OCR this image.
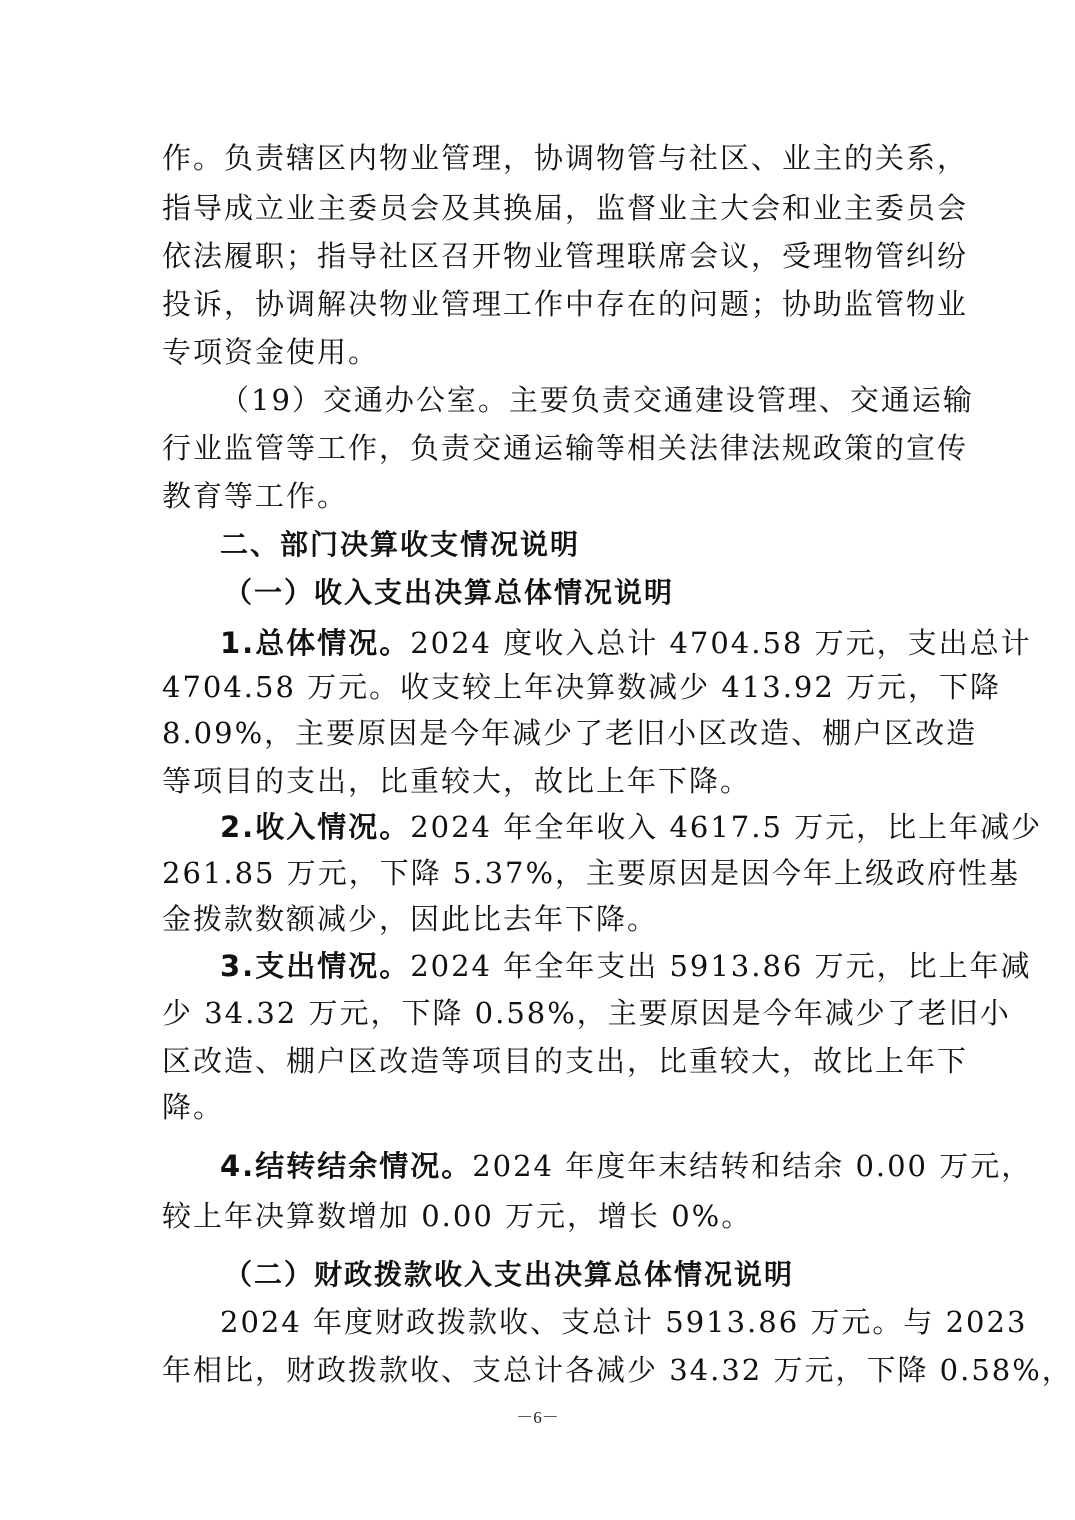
作。负责辖区内物业管理，协调物管与社区、业主的关系，
指导成立业主委员会及其换届，监督业主大会和业主委员会
依法履职；指导社区召开物业管理联席会议，受理物管纠纷
投诉，协调解决物业管理工作中存在的问题；协助监管物业
专项资金使用。
（19）交通办公室。主要负责交通建设管理、交通运输
行业监管等工作，负责交通运输等相关法律法规政策的宣传
教育等工作。
二、部门决算收支情况说明
（一）收入支出决算总体情况说明
1.总体情况。2024 度收入总计 4704.58 万元，支出总计
4704.58 万元。收支较上年决算数减少 413.92 万元，下降
8.09%，主要原因是今年减少了老旧小区改造、棚户区改造
等项目的支出，比重较大，故比上年下降。
2.收入情况。2024 年全年收入 4617.5 万元，比上年减少
261.85 万元，下降 5.37%，主要原因是因今年上级政府性基
金拨款数额减少，因此比去年下降。
3.支出情况。2024 年全年支出 5913.86 万元，比上年减
少 34.32 万元，下降 0.58%，主要原因是今年减少了老旧小
区改造、棚户区改造等项目的支出，比重较大，故比上年下
降。
4.结转结余情况。2024 年度年末结转和结余 0.00 万元，
较上年决算数增加 0.00 万元，增长 0%。
（二）财政拨款收入支出决算总体情况说明
2024 年度财政拨款收、支总计 5913.86 万元。与 2023
年相比，财政拨款收、支总计各减少 34.32 万元，下降 0.58%，
－6－
